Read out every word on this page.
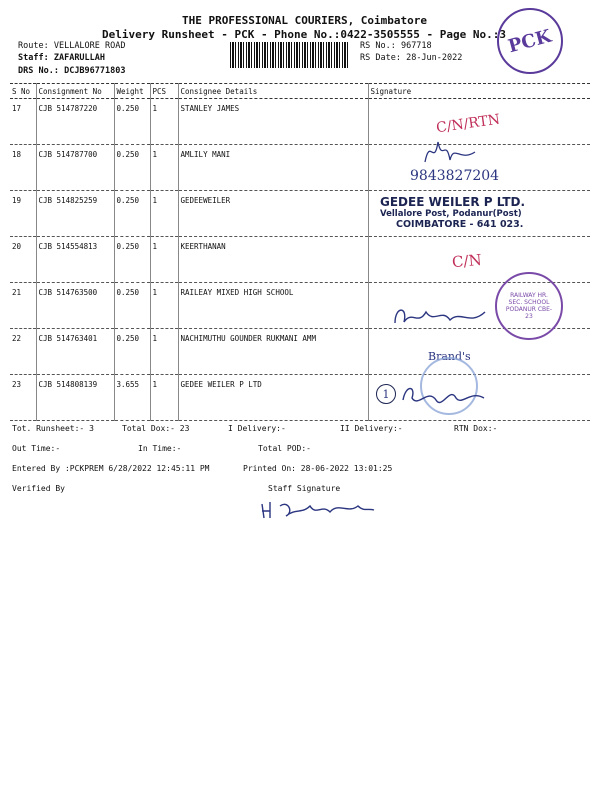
THE PROFESSIONAL COURIERS, Coimbatore
Delivery Runsheet - PCK - Phone No.:0422-3505555 - Page No.:3
Route: VELLALORE ROAD
Staff: ZAFARULLAH
DRS No.: DCJB96771803
RS No.: 967718
RS Date: 28-Jun-2022
PCK
S No	Consignment No	Weight	PCS	Consignee Details	Signature
17	CJB 514787220	0.250	1	STANLEY JAMES	
18	CJB 514787700	0.250	1	AMLILY MANI	
19	CJB 514825259	0.250	1	GEDEEWEILER	
20	CJB 514554813	0.250	1	KEERTHANAN	
21	CJB 514763500	0.250	1	RAILEAY MIXED HIGH SCHOOL	
22	CJB 514763401	0.250	1	NACHIMUTHU GOUNDER RUKMANI AMM	
23	CJB 514808139	3.655	1	GEDEE WEILER P LTD	
C/N/RTN
9843827204
GEDEE WEILER P LTD.
Vellalore Post, Podanur(Post)
COIMBATORE - 641 023.
C/N
RAILWAY HR. SEC. SCHOOL PODANUR CBE-23
Brand's
1
Tot. Runsheet:- 3	Total Dox:- 23	I Delivery:-	II Delivery:-	RTN Dox:-
Out Time:-	In Time:-	Total POD:-
Entered By :PCKPREM 6/28/2022 12:45:11 PM	Printed On: 28-06-2022 13:01:25
Verified By	Staff Signature
